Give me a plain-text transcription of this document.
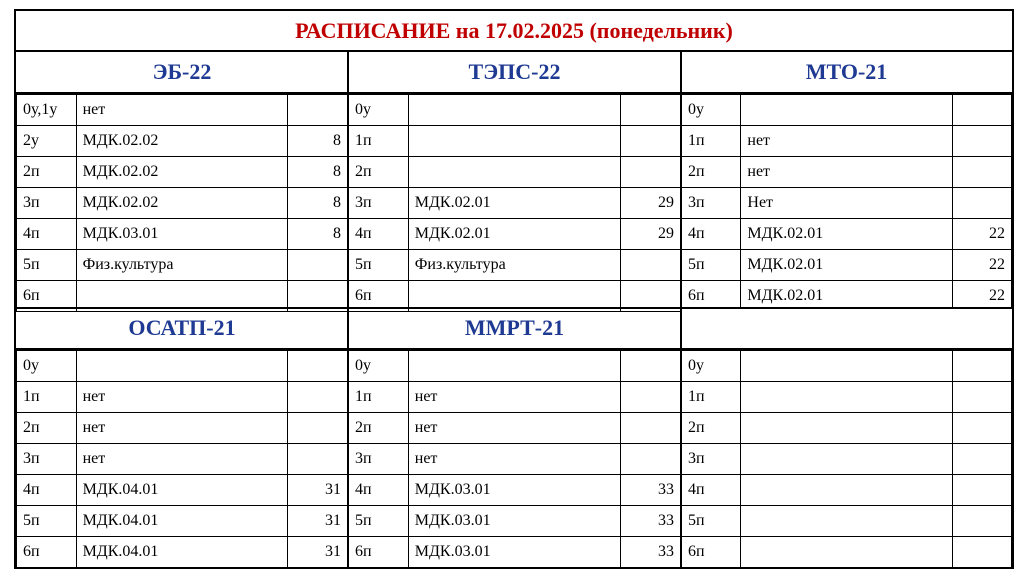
РАСПИСАНИЕ на 17.02.2025 (понедельник)
ЭБ-22
0у,1у	нет	
2у	МДК.02.02	8
2п	МДК.02.02	8
3п	МДК.02.02	8
4п	МДК.03.01	8
5п	Физ.культура	
6п		
ТЭПС-22
0у		
1п		
2п		
3п	МДК.02.01	29
4п	МДК.02.01	29
5п	Физ.культура	
6п		
МТО-21
0у		
1п	нет	
2п	нет	
3п	Нет	
4п	МДК.02.01	22
5п	МДК.02.01	22
6п	МДК.02.01	22
ОСАТП-21
0у		
1п	нет	
2п	нет	
3п	нет	
4п	МДК.04.01	31
5п	МДК.04.01	31
6п	МДК.04.01	31
ММРТ-21
0у		
1п	нет	
2п	нет	
3п	нет	
4п	МДК.03.01	33
5п	МДК.03.01	33
6п	МДК.03.01	33
0у		
1п		
2п		
3п		
4п		
5п		
6п		
